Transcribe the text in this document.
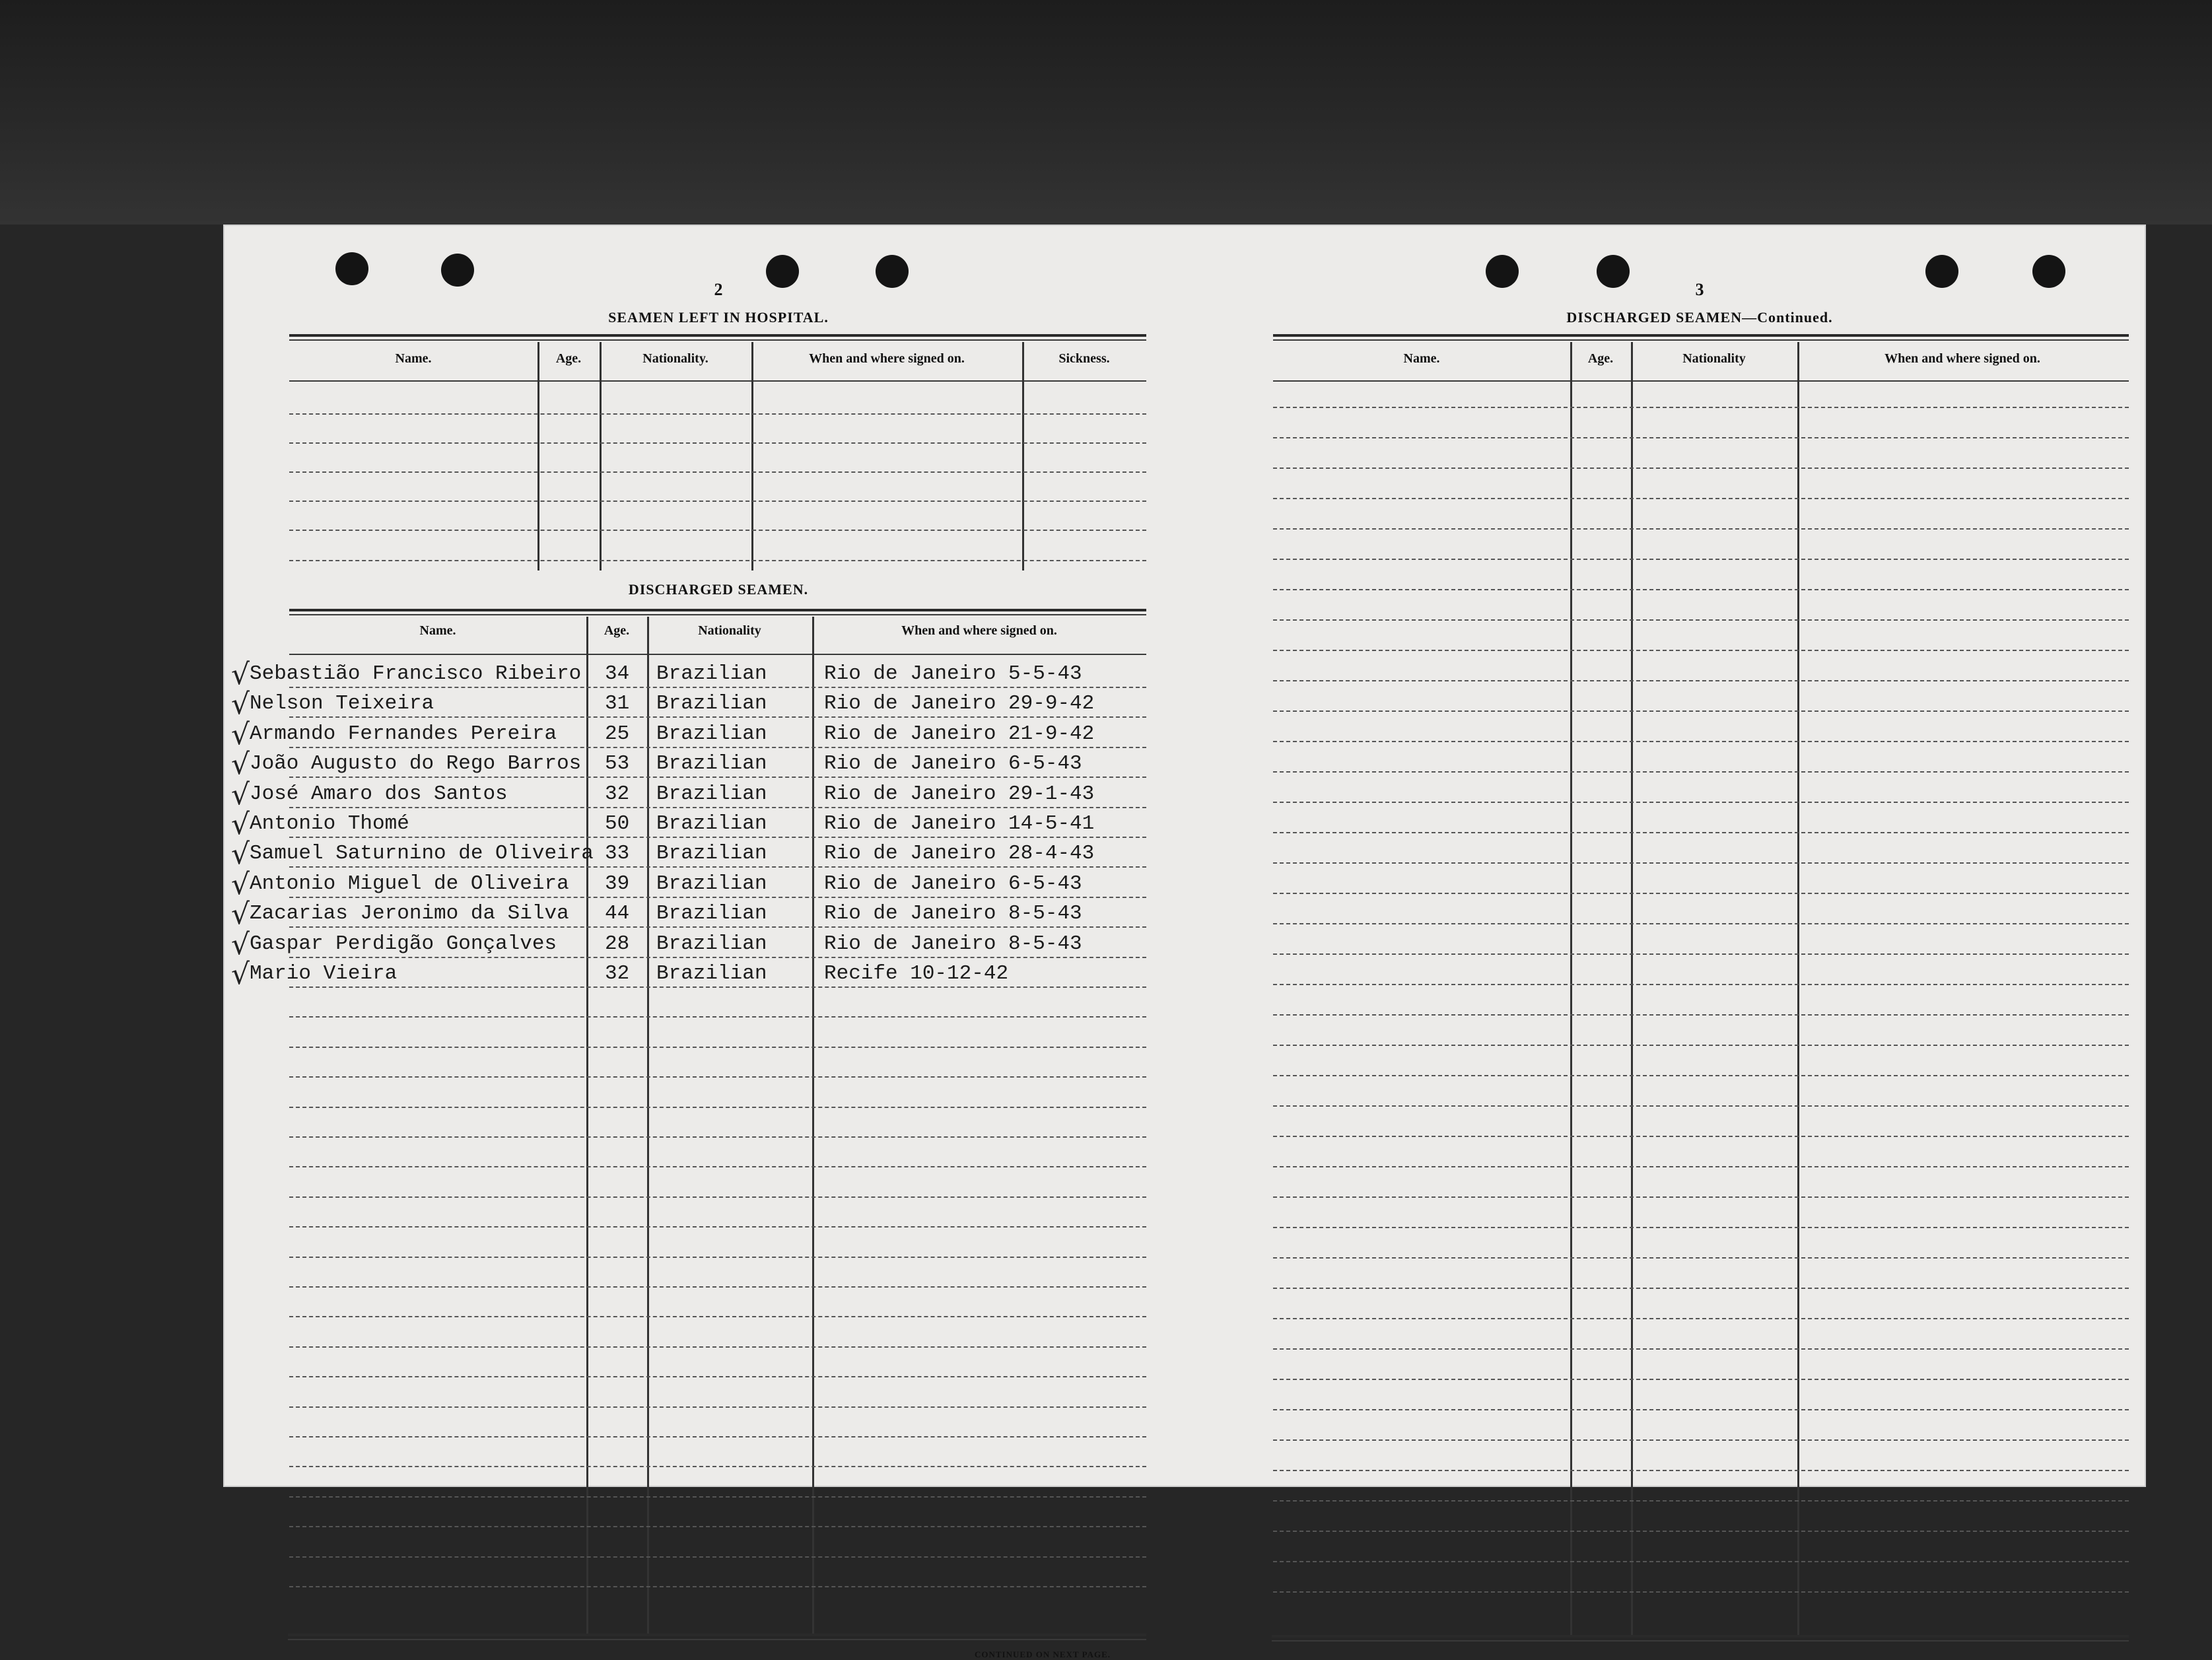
2
SEAMEN LEFT IN HOSPITAL.
Name.	Age.	Nationality.	When and where signed on.	Sickness.
DISCHARGED SEAMEN.
Name.	Age.	Nationality	When and where signed on.
√ Sebastião Francisco Ribeiro 34 Brazilian	Rio de Janeiro 5-5-43
√ Nelson Teixeira	31 Brazilian	Rio de Janeiro 29-9-42
√ Armando Fernandes Pereira 25 Brazilian	Rio de Janeiro 21-9-42
√ João Augusto do Rego Barros 53 Brazilian	Rio de Janeiro 6-5-43
√ José Amaro dos Santos	32 Brazilian	Rio de Janeiro 29-1-43
√ Antonio Thomé	50 Brazilian	Rio de Janeiro 14-5-41
√ Samuel Saturnino de Oliveira 33 Brazilian	Rio de Janeiro 28-4-43
√ Antonio Miguel de Oliveira 39 Brazilian	Rio de Janeiro 6-5-43
√ Zacarias Jeronimo da Silva 44 Brazilian	Rio de Janeiro 8-5-43
√ Gaspar Perdigão Gonçalves 28 Brazilian	Rio de Janeiro 8-5-43
√ Mario Vieira	32 Brazilian	Recife 10-12-42
CONTINUED ON NEXT PAGE.
3
DISCHARGED SEAMEN—Continued.
Name.	Age.	Nationality	When and where signed on.
